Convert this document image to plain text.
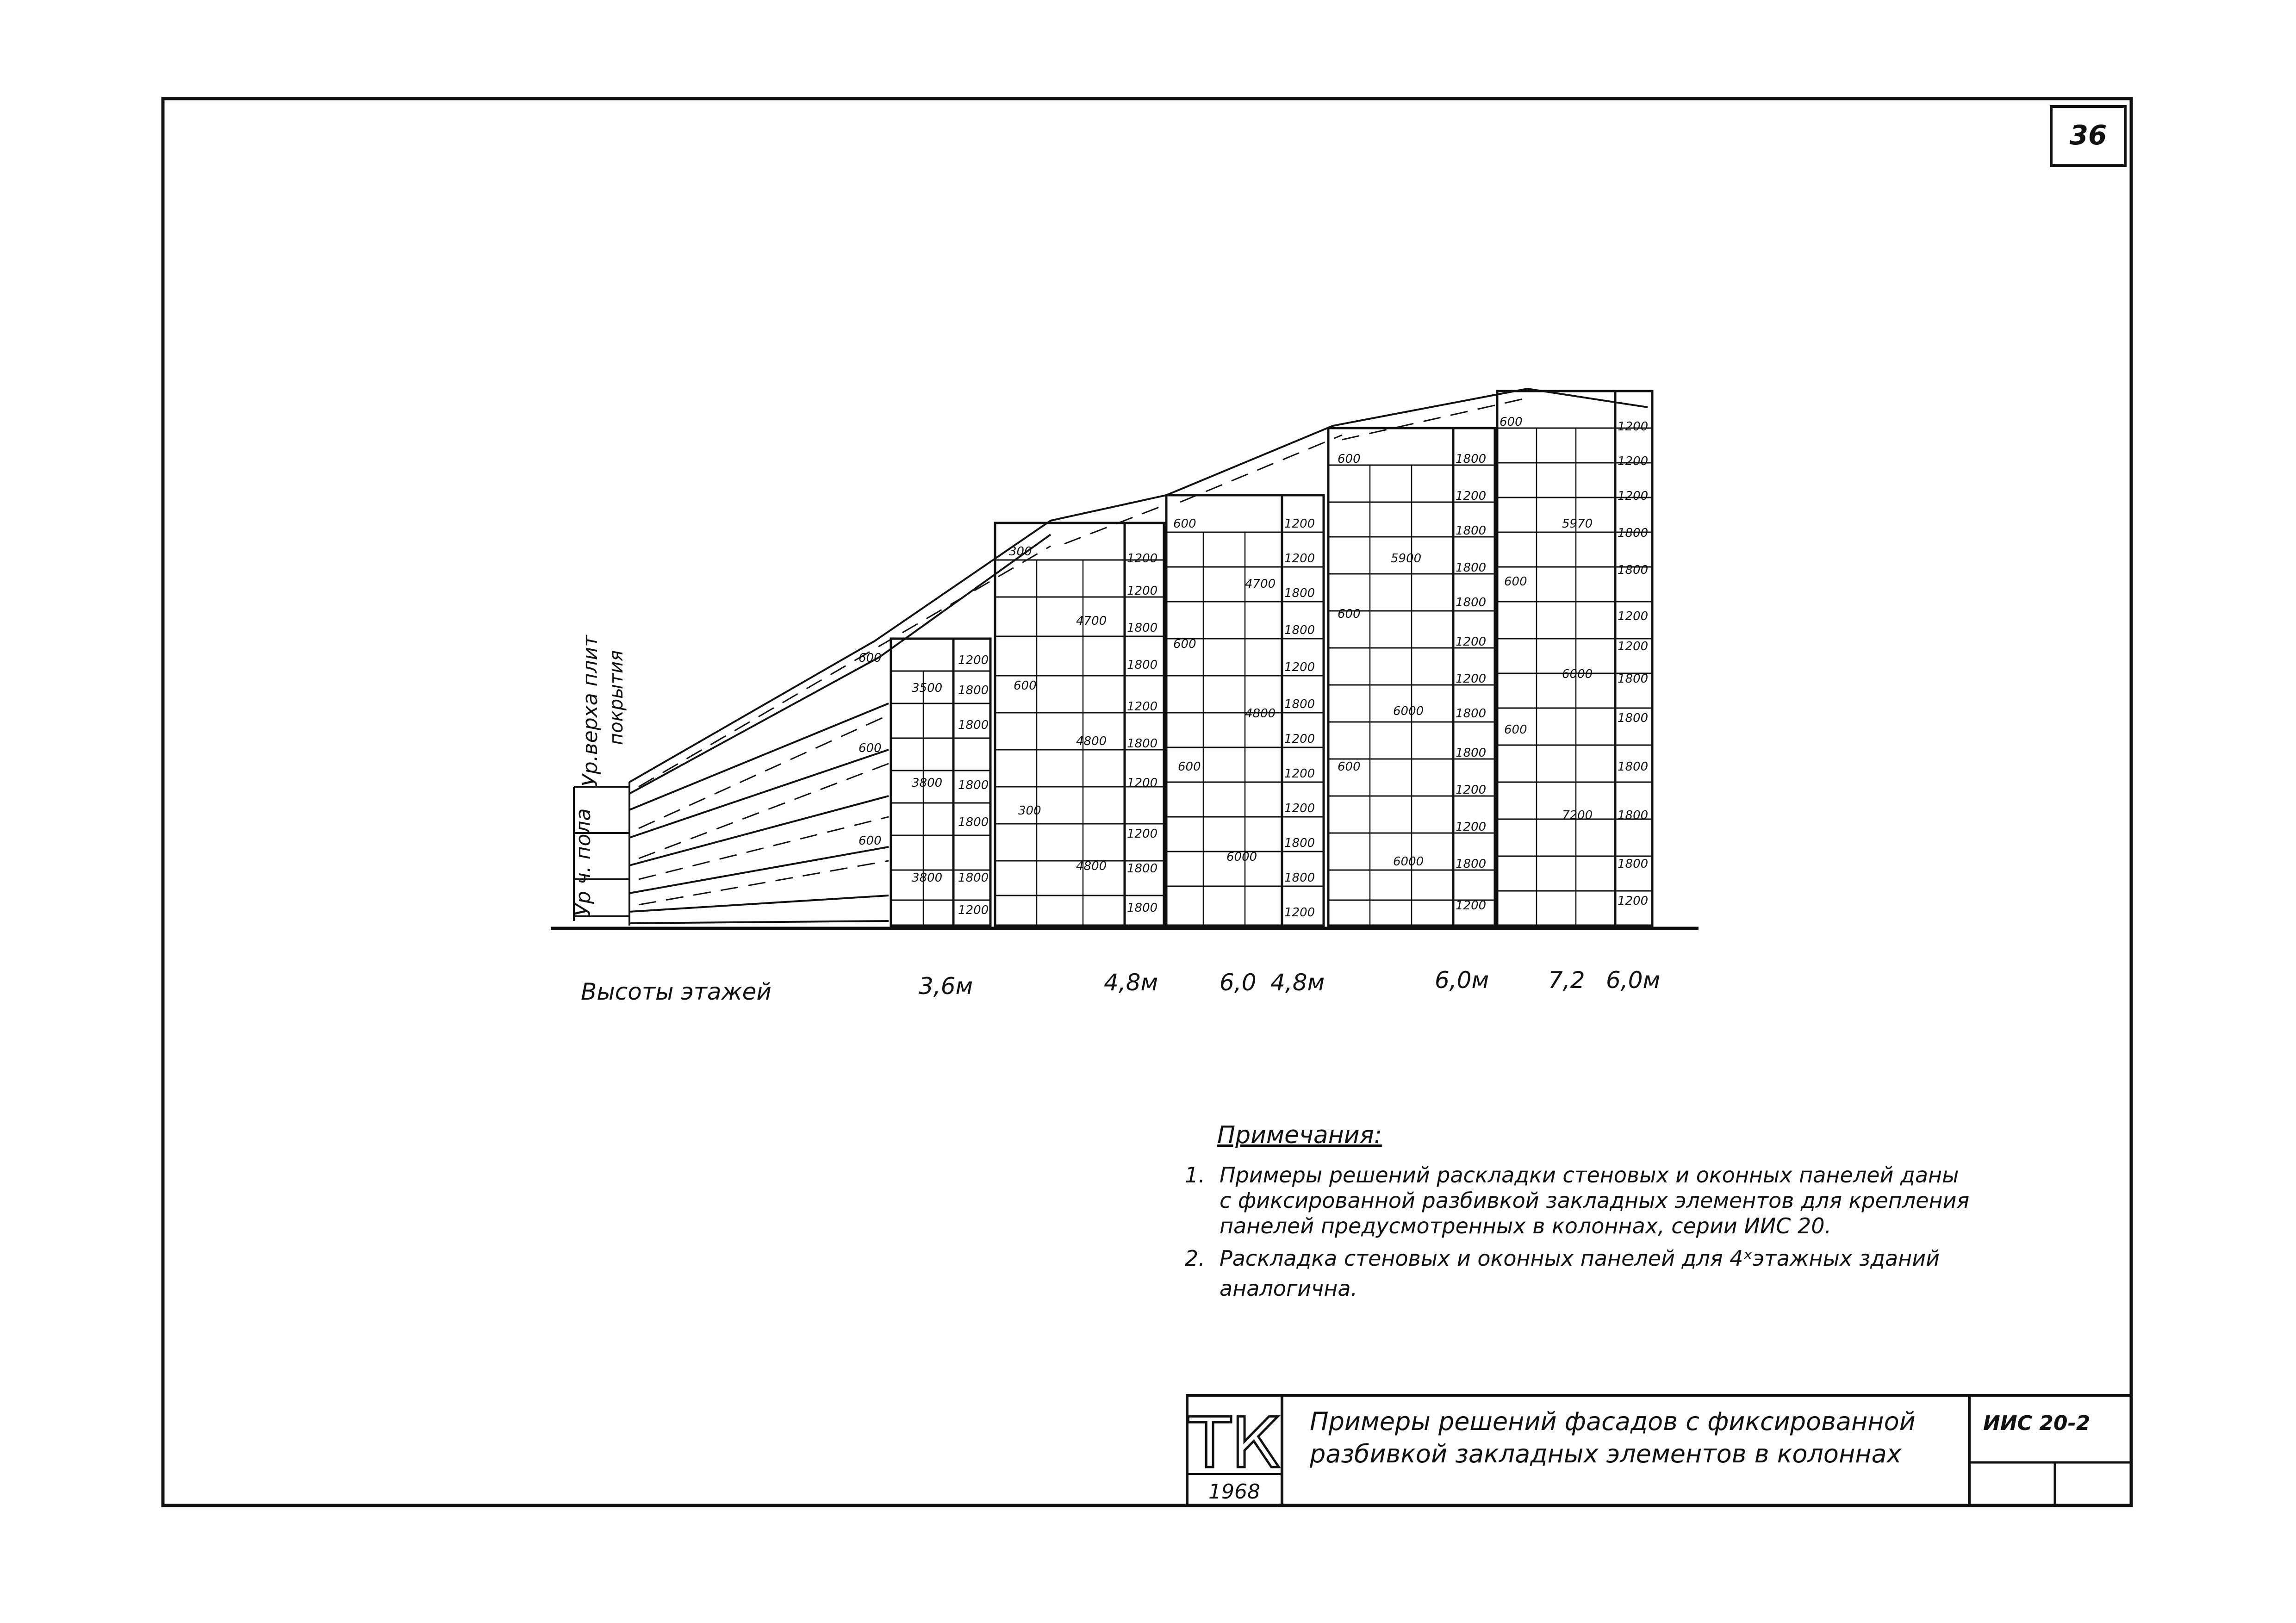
36
Ур ч. пола
Ур.верха плит покрытия	600
3500
1200
1800
1800
600
3800 1800
1800
600
3800 1800
1200
300	1200
4700
1200
1800
1800
600
4800
1200
1800
1200
300
4800
1200
1800
1800
600	1200
4700
1200
1800
1800
600
4800
1200
1800
1200
1200
600
6000
1200
1800
1800
1200
600	1800
1200
5900
1800
1800
1800
600
1200
1200
6000	1800
1800
600
1200
1200
6000	1800
1200
600	1200
1200
1200
5970
1800
1800
600
1200
1200
6000 1800
1800
600
1800
7200 1800
1800
1200
Высоты этажей	3,6м	4,8м	6,0 4,8м	6,0м	7,2 6,0м
Примечания:
1. Примеры решений раскладки стеновых и оконных панелей даны
с фиксированной разбивкой закладных элементов для крепления
панелей предусмотренных в колоннах, серии ИИС 20.
2. Раскладка стеновых и оконных панелей для 4ˣэтажных зданий
аналогична.
ТК
1968
Примеры решений фасадов с фиксированной
разбивкой закладных элементов в колоннах
ИИС 20-2
